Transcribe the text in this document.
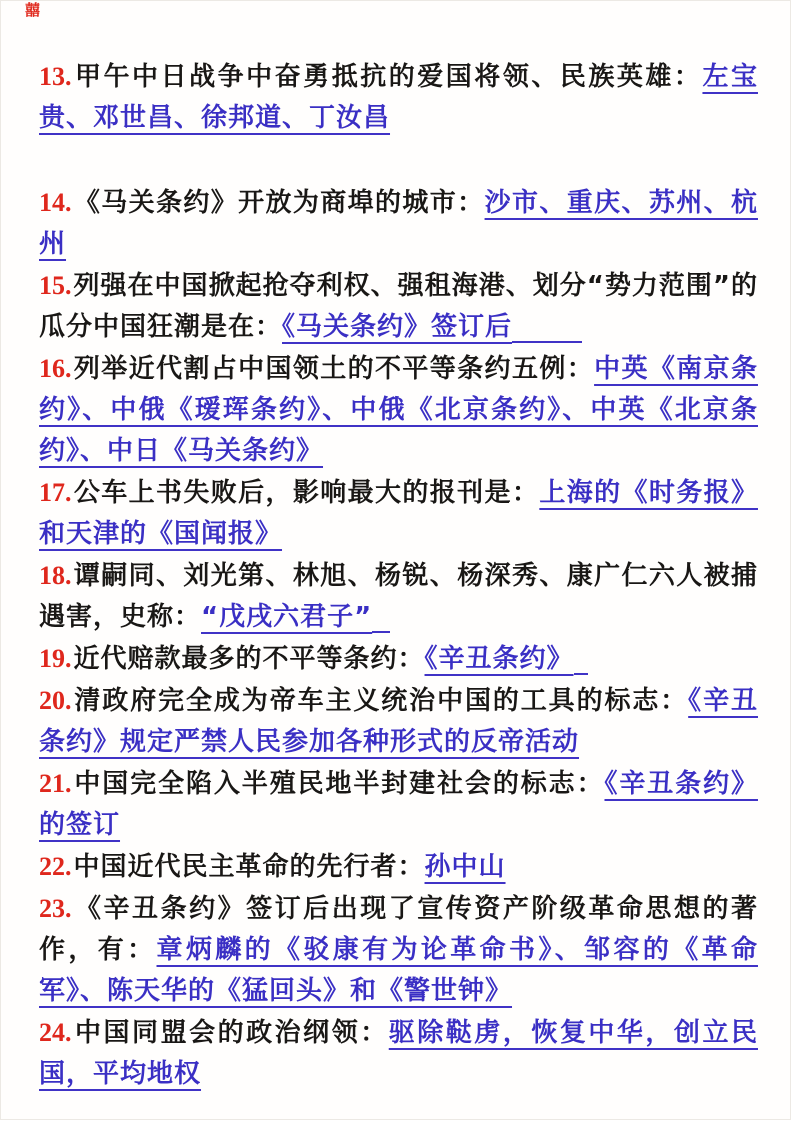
囍

13.甲午中日战争中奋勇抵抗的爱国将领、民族英雄：左宝贵、邓世昌、徐邦道、丁汝昌

14.《马关条约》开放为商埠的城市：沙市、重庆、苏州、杭州

15.列强在中国掀起抢夺利权、强租海港、划分“势力范围”的瓜分中国狂潮是在：《马关条约》签订后

16.列举近代割占中国领土的不平等条约五例：中英《南京条约》、中俄《瑷珲条约》、中俄《北京条约》、中英《北京条约》、中日《马关条约》

17.公车上书失败后，影响最大的报刊是：上海的《时务报》和天津的《国闻报》

18.谭嗣同、刘光第、林旭、杨锐、杨深秀、康广仁六人被捕遇害，史称：“戊戌六君子”

19.近代赔款最多的不平等条约：《辛丑条约》

20.清政府完全成为帝车主义统治中国的工具的标志：《辛丑条约》规定严禁人民参加各种形式的反帝活动

21.中国完全陷入半殖民地半封建社会的标志：《辛丑条约》的签订

22.中国近代民主革命的先行者：孙中山

23.《辛丑条约》签订后出现了宣传资产阶级革命思想的著作，有：章炳麟的《驳康有为论革命书》、邹容的《革命军》、陈天华的《猛回头》和《警世钟》

24.中国同盟会的政治纲领：驱除鞑虏，恢复中华，创立民国，平均地权
